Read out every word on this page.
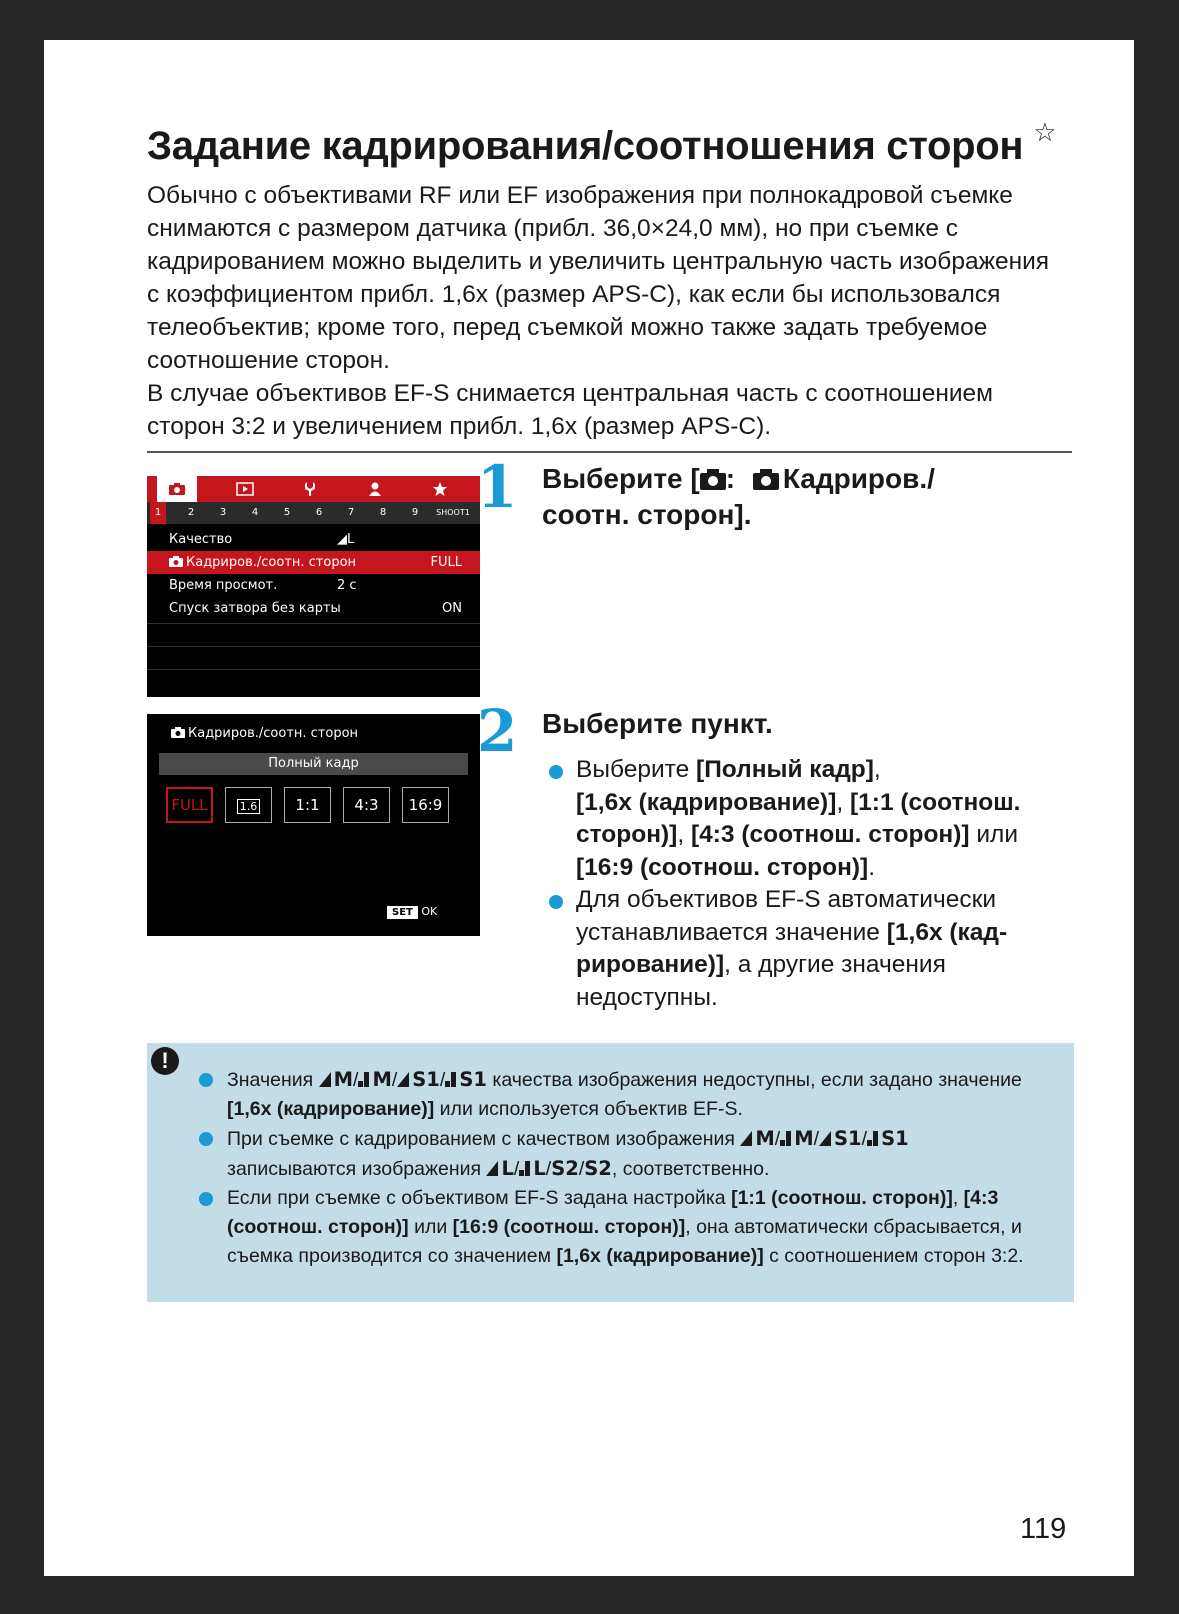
Задание кадрирования/соотношения сторон ☆

Обычно с объективами RF или EF изображения при полнокадровой съемке снимаются с размером датчика (прибл. 36,0×24,0 мм), но при съемке с кадрированием можно выделить и увеличить центральную часть изображения с коэффициентом прибл. 1,6x (размер APS-C), как если бы использовался телеобъектив; кроме того, перед съемкой можно также задать требуемое соотношение сторон.

В случае объективов EF-S снимается центральная часть с соотношением сторон 3:2 и увеличением прибл. 1,6x (размер APS-C).

1	2	3	4	5	6	7	8	9	SHOOT1
Качество	◢L
Кадриров./соотн. сторон	FULL
Время просмот.	2 с
Спуск затвора без карты	ON
1 Выберите [ : Кадриров./
соотн. сторон].
Кадриров./соотн. сторон
Полный кадр
FULL	1.6	1:1	4:3	16:9
SET OK
2 Выберите пункт.
Выберите [Полный кадр],
[1,6x (кадрирование)], [1:1 (соотнош. сторон)], [4:3 (соотнош. сторон)] или [16:9 (соотнош. сторон)].
Для объективов EF-S автоматически устанавливается значение [1,6x (кад-рирование)], а другие значения недоступны.
!
Значения M/ M/ S1/ S1 качества изображения недоступны, если задано значение [1,6x (кадрирование)] или используется объектив EF-S.
При съемке с кадрированием с качеством изображения M/ M/ S1/ S1 записываются изображения L/ L/S2/S2, соответственно.
Если при съемке с объективом EF-S задана настройка [1:1 (соотнош. сторон)], [4:3 (соотнош. сторон)] или [16:9 (соотнош. сторон)], она автоматически сбрасывается, и съемка производится со значением [1,6x (кадрирование)] с соотношением сторон 3:2.
119
